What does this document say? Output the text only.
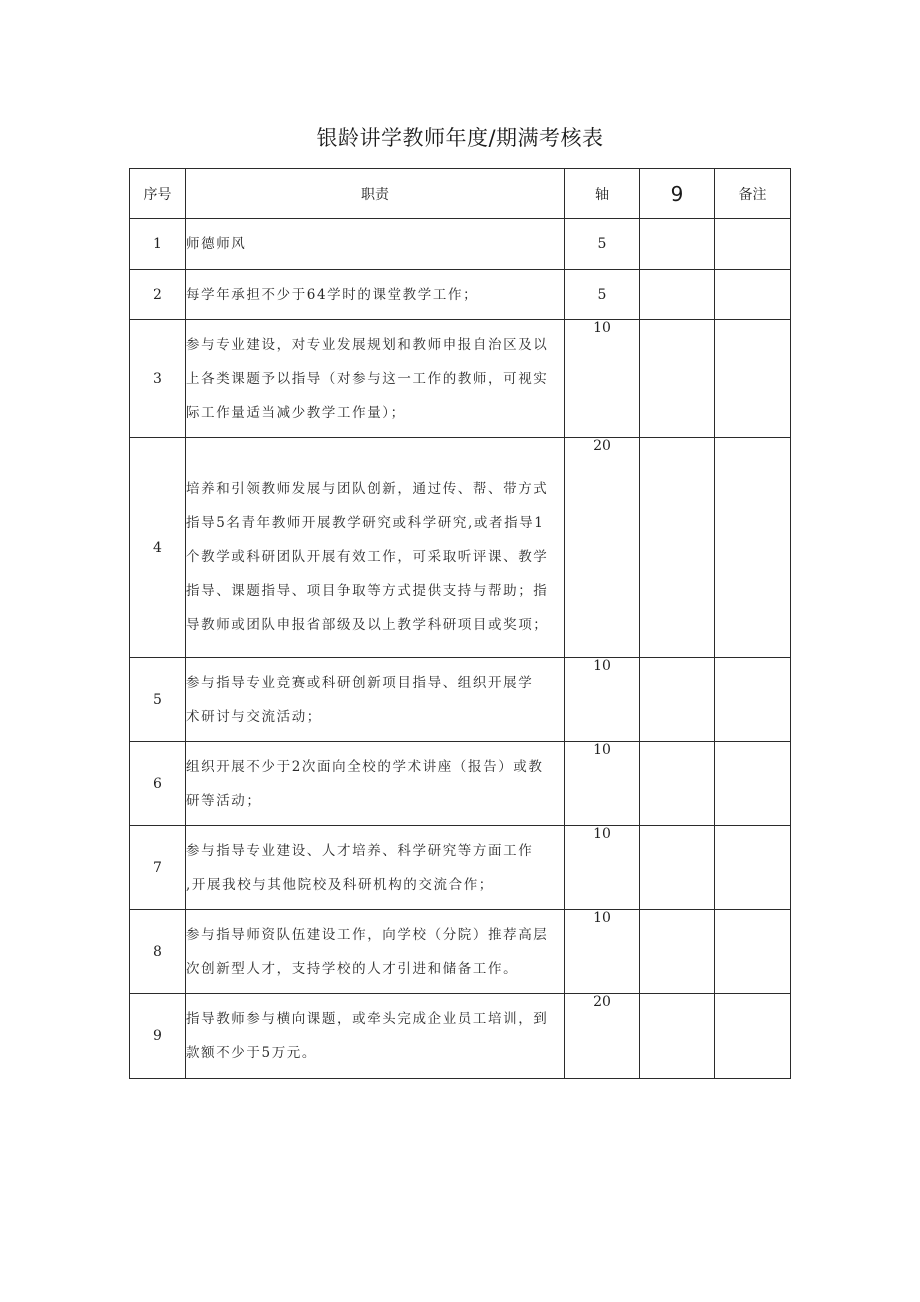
银龄讲学教师年度/期满考核表
序号	职责	轴	9	备注
1	师德师风	5		
2	每学年承担不少于64学时的课堂教学工作；	5		
3	参与专业建设，对专业发展规划和教师申报自治区及以
上各类课题予以指导（对参与这一工作的教师，可视实
际工作量适当减少教学工作量）；	10		
4	培养和引领教师发展与团队创新，通过传、帮、带方式
指导5名青年教师开展教学研究或科学研究,或者指导1
个教学或科研团队开展有效工作，可采取听评课、教学
指导、课题指导、项目争取等方式提供支持与帮助；指
导教师或团队申报省部级及以上教学科研项目或奖项；	20		
5	参与指导专业竞赛或科研创新项目指导、组织开展学
术研讨与交流活动；	10		
6	组织开展不少于2次面向全校的学术讲座（报告）或教
研等活动；	10		
7	参与指导专业建设、人才培养、科学研究等方面工作
,开展我校与其他院校及科研机构的交流合作；	10		
8	参与指导师资队伍建设工作，向学校（分院）推荐高层
次创新型人才，支持学校的人才引进和储备工作。	10		
9	指导教师参与横向课题，或牵头完成企业员工培训，到
款额不少于5万元。	20		
